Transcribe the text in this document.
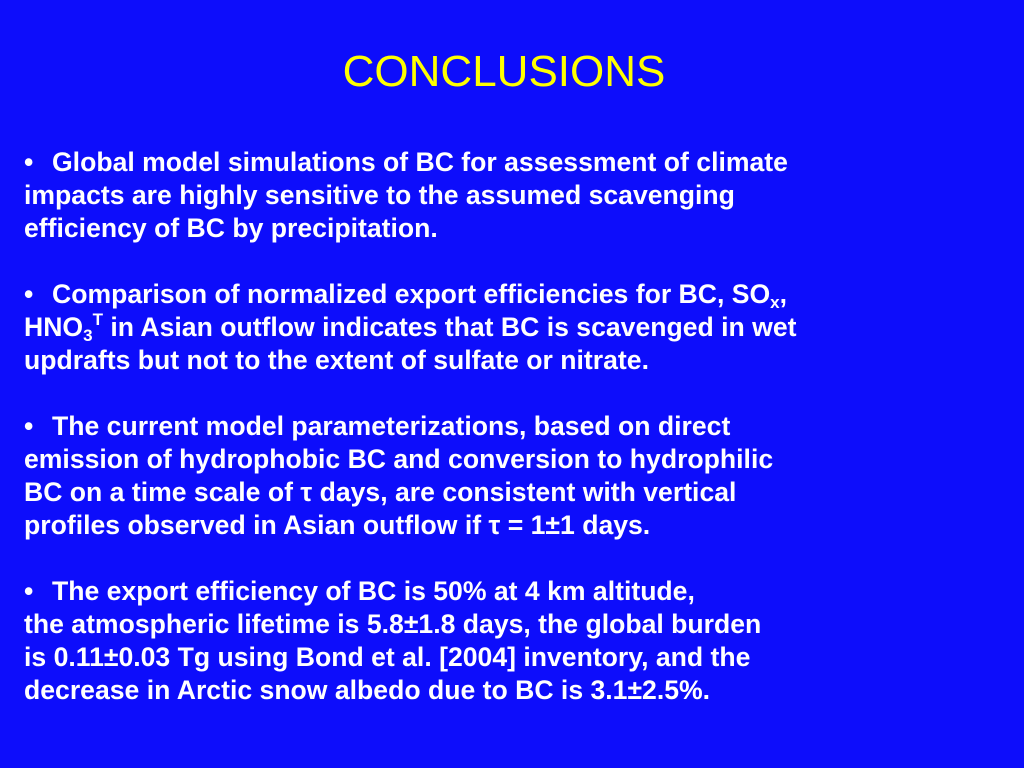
CONCLUSIONS
• Global model simulations of BC for assessment of climate
impacts are highly sensitive to the assumed scavenging
efficiency of BC by precipitation.
• Comparison of normalized export efficiencies for BC, $SO_x$,
$HNO_3^T$ in Asian outflow indicates that BC is scavenged in wet
updrafts but not to the extent of sulfate or nitrate.
• The current model parameterizations, based on direct
emission of hydrophobic BC and conversion to hydrophilic
BC on a time scale of τ days, are consistent with vertical
profiles observed in Asian outflow if τ = 1±1 days.
• The export efficiency of BC is 50% at 4 km altitude,
the atmospheric lifetime is 5.8±1.8 days, the global burden
is 0.11±0.03 Tg using Bond et al. [2004] inventory, and the
decrease in Arctic snow albedo due to BC is 3.1±2.5%.
